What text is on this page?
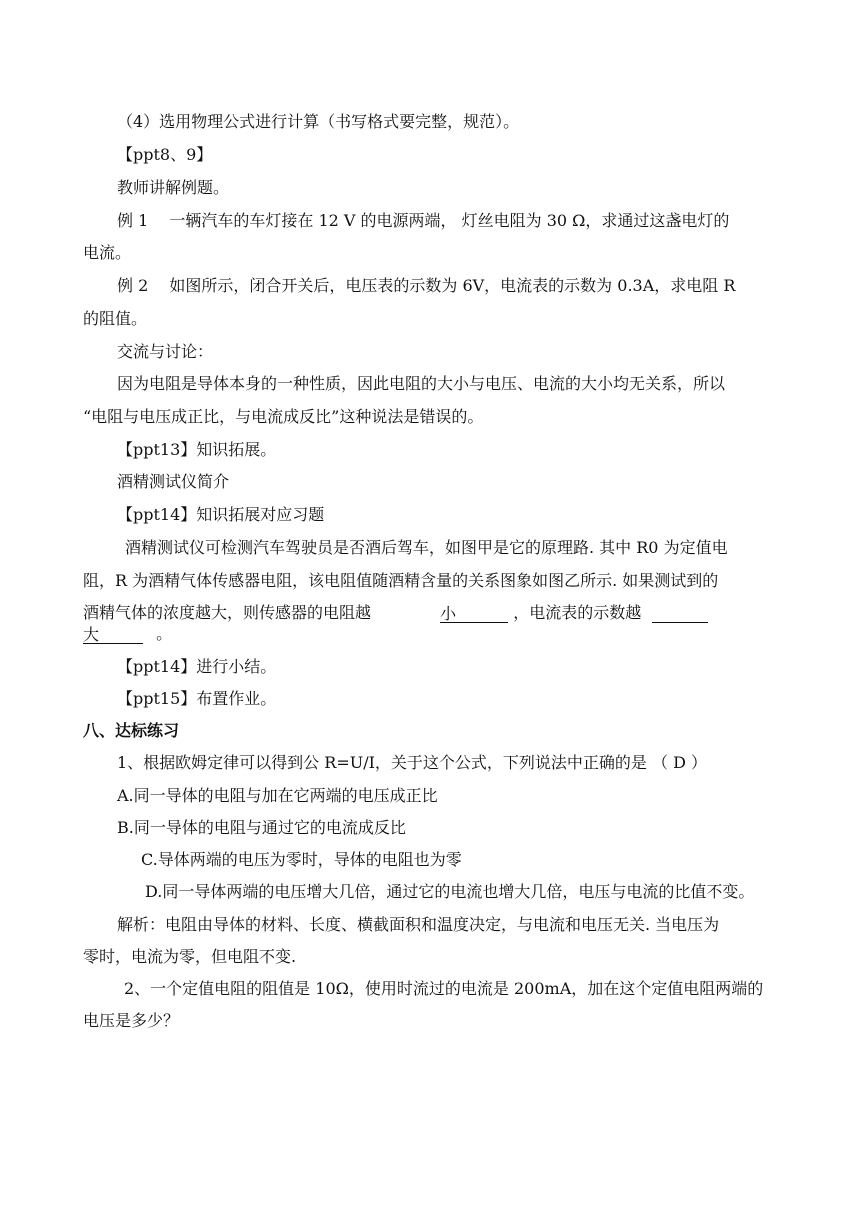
（4）选用物理公式进行计算（书写格式要完整，规范）。
【ppt8、9】
教师讲解例题。
例 1　 一辆汽车的车灯接在 12 V 的电源两端， 灯丝电阻为 30 Ω，求通过这盏电灯的
电流。
例 2　 如图所示，闭合开关后，电压表的示数为 6V，电流表的示数为 0.3A，求电阻 R
的阻值。
交流与讨论：
因为电阻是导体本身的一种性质，因此电阻的大小与电压、电流的大小均无关系，所以
“电阻与电压成正比，与电流成反比”这种说法是错误的。
【ppt13】知识拓展。
酒精测试仪简介
【ppt14】知识拓展对应习题
酒精测试仪可检测汽车驾驶员是否酒后驾车，如图甲是它的原理路. 其中 R0 为定值电
阻，R 为酒精气体传感器电阻，该电阻值随酒精含量的关系图象如图乙所示. 如果测试到的
酒精气体的浓度越大，则传感器的电阻越	小	，电流表的示数越
大	。
【ppt14】进行小结。
【ppt15】布置作业。
八、达标练习
1、根据欧姆定律可以得到公 R=U/I，关于这个公式，下列说法中正确的是 （ D ）
A.同一导体的电阻与加在它两端的电压成正比
B.同一导体的电阻与通过它的电流成反比
C.导体两端的电压为零时，导体的电阻也为零
D.同一导体两端的电压增大几倍，通过它的电流也增大几倍，电压与电流的比值不变。
解析：电阻由导体的材料、长度、横截面积和温度决定，与电流和电压无关. 当电压为
零时，电流为零，但电阻不变.
2、一个定值电阻的阻值是 10Ω，使用时流过的电流是 200mA，加在这个定值电阻两端的
电压是多少？
